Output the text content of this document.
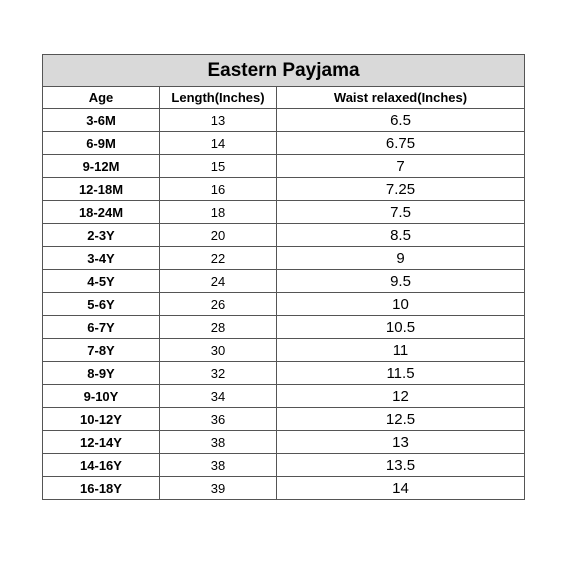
Eastern Payjama		
Age	Length(Inches)	Waist relaxed(Inches)
3-6M	13	6.5
6-9M	14	6.75
9-12M	15	7
12-18M	16	7.25
18-24M	18	7.5
2-3Y	20	8.5
3-4Y	22	9
4-5Y	24	9.5
5-6Y	26	10
6-7Y	28	10.5
7-8Y	30	11
8-9Y	32	11.5
9-10Y	34	12
10-12Y	36	12.5
12-14Y	38	13
14-16Y	38	13.5
16-18Y	39	14
